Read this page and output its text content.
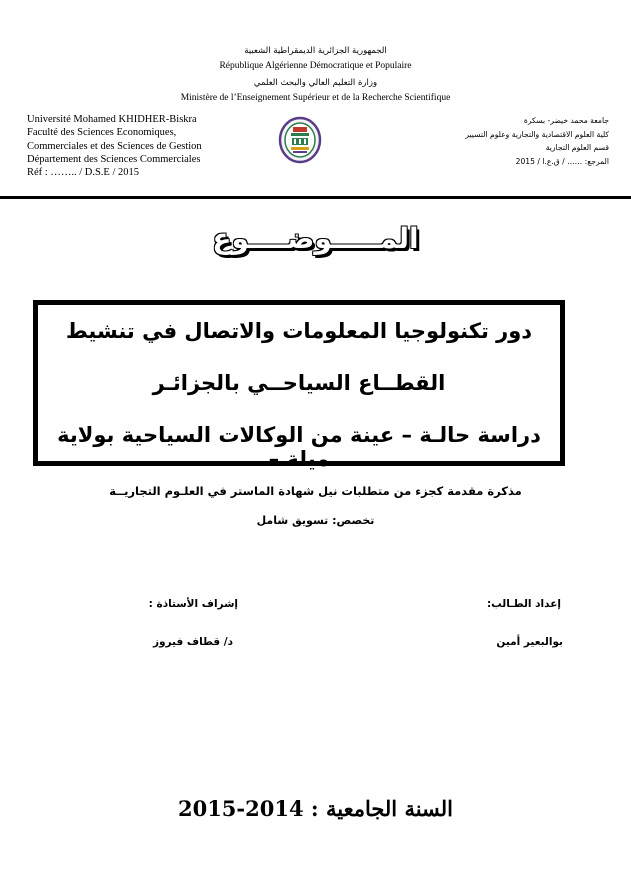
الجمهورية الجزائرية الديمقراطية الشعبية
République Algérienne Démocratique et Populaire
وزارة التعليم العالي والبحث العلمي
Ministère de l’Enseignement Supérieur et de la Recherche Scientifique
Université Mohamed KHIDHER-Biskra
Faculté des Sciences Economiques,
Commerciales et des Sciences de Gestion
Département des Sciences Commerciales
Réf : …….. / D.S.E / 2015
جامعة محمد خيضر- بسكرة
كلية العلوم الاقتصادية والتجارية وعلوم التسيير
قسم العلوم التجارية
المرجع: …… / ق.ع.ا / 2015
المـــــوضــــوع
دور تكنولوجيا المعلومات والاتصال في تنشيط
القطــاع السياحــي بالجزائـر
دراسة حالـة – عينة من الوكالات السياحية بولاية ميلة –
مذكرة مقدمة كجزء من متطلبات نيل شهادة الماستر في العلـوم التجاريــة
تخصص: تسويق شامل
إعداد الطـالب:
إشراف الأستاذة :
بوالبعير أمين
د/ قطاف فيروز
السنة الجامعية : 2014-2015
